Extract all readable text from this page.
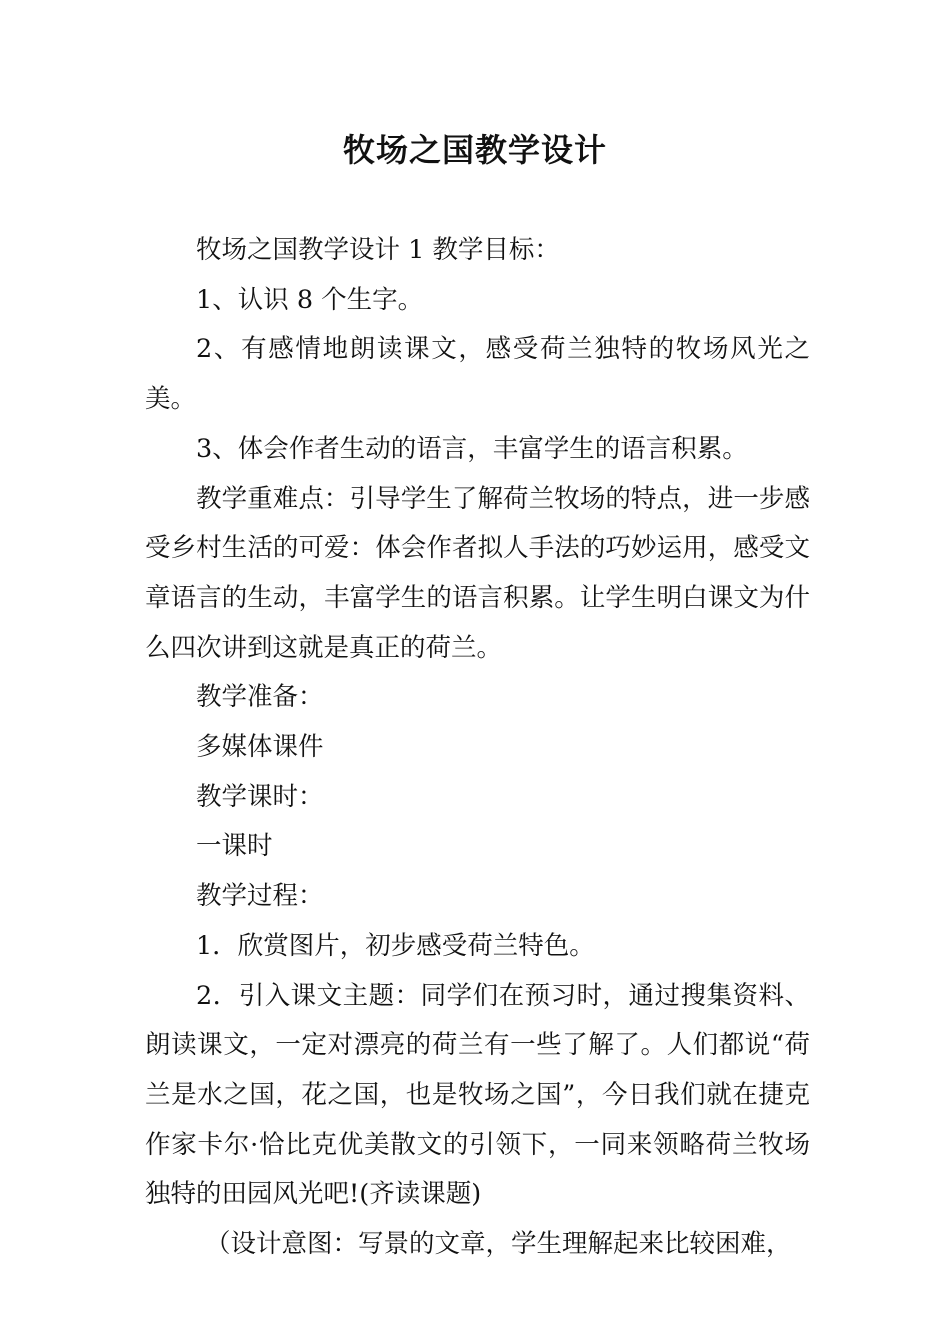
牧场之国教学设计

牧场之国教学设计 1 教学目标：

1、认识 8 个生字。

2、有感情地朗读课文，感受荷兰独特的牧场风光之美。

3、体会作者生动的语言，丰富学生的语言积累。

教学重难点：引导学生了解荷兰牧场的特点，进一步感受乡村生活的可爱：体会作者拟人手法的巧妙运用，感受文章语言的生动，丰富学生的语言积累。让学生明白课文为什么四次讲到这就是真正的荷兰。

教学准备：

多媒体课件

教学课时：

一课时

教学过程：

1．欣赏图片，初步感受荷兰特色。

2．引入课文主题：同学们在预习时，通过搜集资料、朗读课文，一定对漂亮的荷兰有一些了解了。人们都说“荷兰是水之国，花之国，也是牧场之国”，今日我们就在捷克作家卡尔·恰比克优美散文的引领下，一同来领略荷兰牧场独特的田园风光吧!(齐读课题)

（设计意图：写景的文章，学生理解起来比较困难，
